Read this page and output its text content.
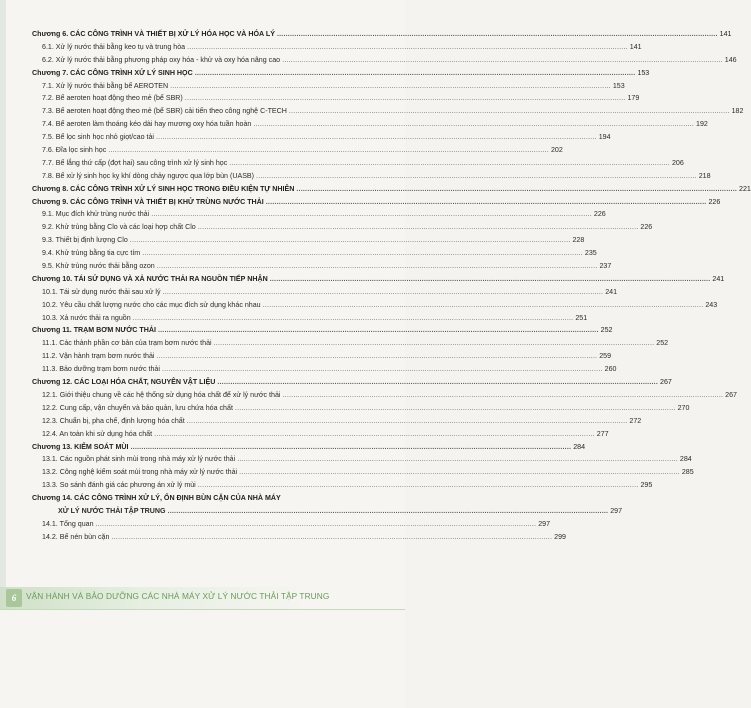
Chương 6. CÁC CÔNG TRÌNH VÀ THIẾT BỊ XỬ LÝ HÓA HỌC VÀ HÓA LÝ .....	141
6.1. Xử lý nước thải bằng keo tụ và trung hòa .....	141
6.2. Xử lý nước thải bằng phương pháp oxy hóa - khử và oxy hóa nâng cao .....	146
Chương 7. CÁC CÔNG TRÌNH XỬ LÝ SINH HỌC .....	153
7.1. Xử lý nước thải bằng bể AEROTEN .....	153
7.2. Bể aeroten hoạt động theo mẻ (bể SBR) .....	179
7.3. Bể aeroten hoạt động theo mẻ (bể SBR) cải tiến theo công nghệ C-TECH .....	182
7.4. Bể aeroten làm thoáng kéo dài hay mương oxy hóa tuần hoàn .....	192
7.5. Bể lọc sinh học nhỏ giọt/cao tải .....	194
7.6. Đĩa lọc sinh học .....	202
7.7. Bể lắng thứ cấp (đợt hai) sau công trình xử lý sinh học .....	206
7.8. Bể xử lý sinh học kỵ khí dòng chảy ngược qua lớp bùn (UASB) .....	218
Chương 8. CÁC CÔNG TRÌNH XỬ LÝ SINH HỌC TRONG ĐIỀU KIỆN TỰ NHIÊN .....	221
Chương 9. CÁC CÔNG TRÌNH VÀ THIẾT BỊ KHỬ TRÙNG NƯỚC THẢI .....	226
9.1. Mục đích khử trùng nước thải .....	226
9.2. Khử trùng bằng Clo và các loại hợp chất Clo .....	226
9.3. Thiết bị định lượng Clo .....	228
9.4. Khử trùng bằng tia cực tím .....	235
9.5. Khử trùng nước thải bằng ozon .....	237
Chương 10. TÁI SỬ DỤNG VÀ XẢ NƯỚC THẢI RA NGUỒN TIẾP NHẬN .....	241
10.1. Tái sử dụng nước thải sau xử lý .....	241
10.2. Yêu cầu chất lượng nước cho các mục đích sử dụng khác nhau .....	243
10.3. Xả nước thải ra nguồn .....	251
Chương 11. TRẠM BƠM NƯỚC THẢI .....	252
11.1. Các thành phần cơ bản của trạm bơm nước thải .....	252
11.2. Vận hành trạm bơm nước thải .....	259
11.3. Bảo dưỡng trạm bơm nước thải .....	260
Chương 12. CÁC LOẠI HÓA CHẤT, NGUYÊN VẬT LIỆU .....	267
12.1. Giới thiệu chung về các hệ thống sử dụng hóa chất để xử lý nước thải .....	267
12.2. Cung cấp, vận chuyển và bảo quản, lưu chứa hóa chất .....	270
12.3. Chuẩn bị, pha chế, định lượng hóa chất .....	272
12.4. An toàn khi sử dụng hóa chất .....	277
Chương 13. KIỂM SOÁT MÙI .....	284
13.1. Các nguồn phát sinh mùi trong nhà máy xử lý nước thải .....	284
13.2. Công nghệ kiểm soát mùi trong nhà máy xử lý nước thải .....	285
13.3. So sánh đánh giá các phương án xử lý mùi .....	295
Chương 14. CÁC CÔNG TRÌNH XỬ LÝ, ỔN ĐỊNH BÙN CẶN CỦA NHÀ MÁY
XỬ LÝ NƯỚC THẢI TẬP TRUNG .....	297
14.1. Tổng quan .....	297
14.2. Bể nén bùn cặn .....	299
6	VẬN HÀNH VÀ BẢO DƯỠNG CÁC NHÀ MÁY XỬ LÝ NƯỚC THẢI TẬP TRUNG
